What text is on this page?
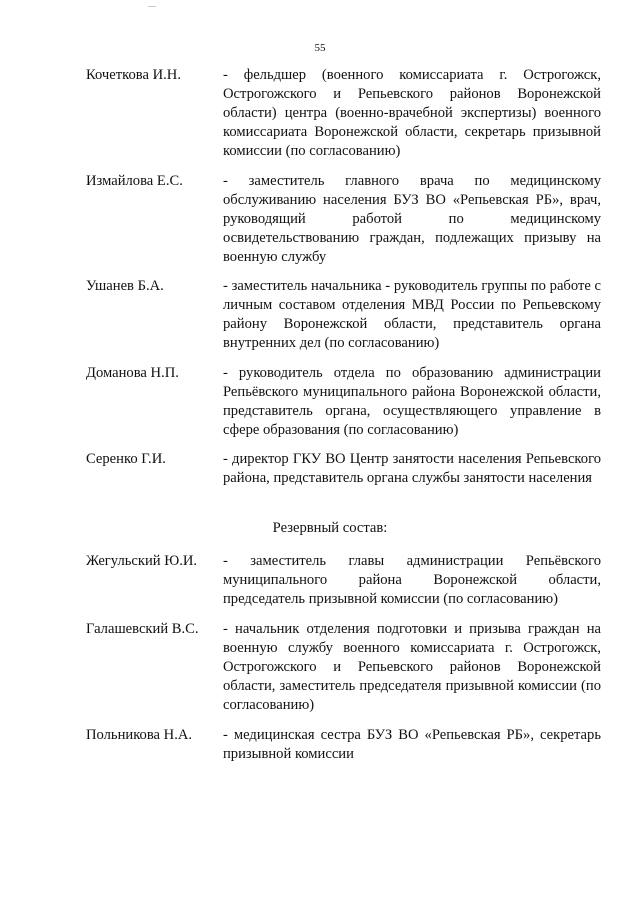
55
Кочеткова И.Н.	- фельдшер (военного комиссариата г. Острогожск, Острогожского и Репьевского районов Воронежской области) центра (военно-врачебной экспертизы) военного комиссариата Воронежской области, секретарь призывной комиссии (по согласованию)
Измайлова Е.С.	- заместитель главного врача по медицинскому обслуживанию населения БУЗ ВО «Репьевская РБ», врач, руководящий работой по медицинскому освидетельствованию граждан, подлежащих призыву на военную службу
Ушанев Б.А.	- заместитель начальника - руководитель группы по работе с личным составом отделения МВД России по Репьевскому району Воронежской области, представитель органа внутренних дел (по согласованию)
Доманова Н.П.	- руководитель отдела по образованию администрации Репьёвского муниципального района Воронежской области, представитель органа, осуществляющего управление в сфере образования (по согласованию)
Серенко Г.И.	- директор ГКУ ВО Центр занятости населения Репьевского района, представитель органа службы занятости населения
Резервный состав:
Жегульский Ю.И.	- заместитель главы администрации Репьёвского муниципального района Воронежской области, председатель призывной комиссии (по согласованию)
Галашевский В.С.	- начальник отделения подготовки и призыва граждан на военную службу военного комиссариата г. Острогожск, Острогожского и Репьевского районов Воронежской области, заместитель председателя призывной комиссии (по согласованию)
Польникова Н.А.	- медицинская сестра БУЗ ВО «Репьевская РБ», секретарь призывной комиссии
